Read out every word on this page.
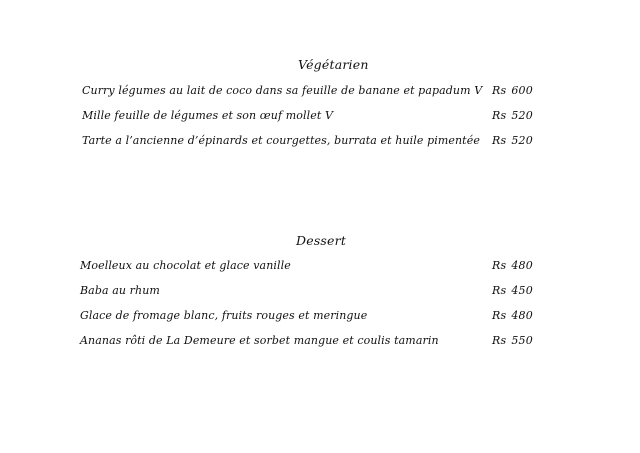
Végétarien
Curry légumes au lait de coco dans sa feuille de banane et papadum V Rs 600
Mille feuille de légumes et son œuf mollet V	Rs 520
Tarte a l’ancienne d’épinards et courgettes, burrata et huile pimentée Rs 520
Dessert
Moelleux au chocolat et glace vanille	Rs 480
Baba au rhum	Rs 450
Glace de fromage blanc, fruits rouges et meringue	Rs 480
Ananas rôti de La Demeure et sorbet mangue et coulis tamarin	Rs 550
